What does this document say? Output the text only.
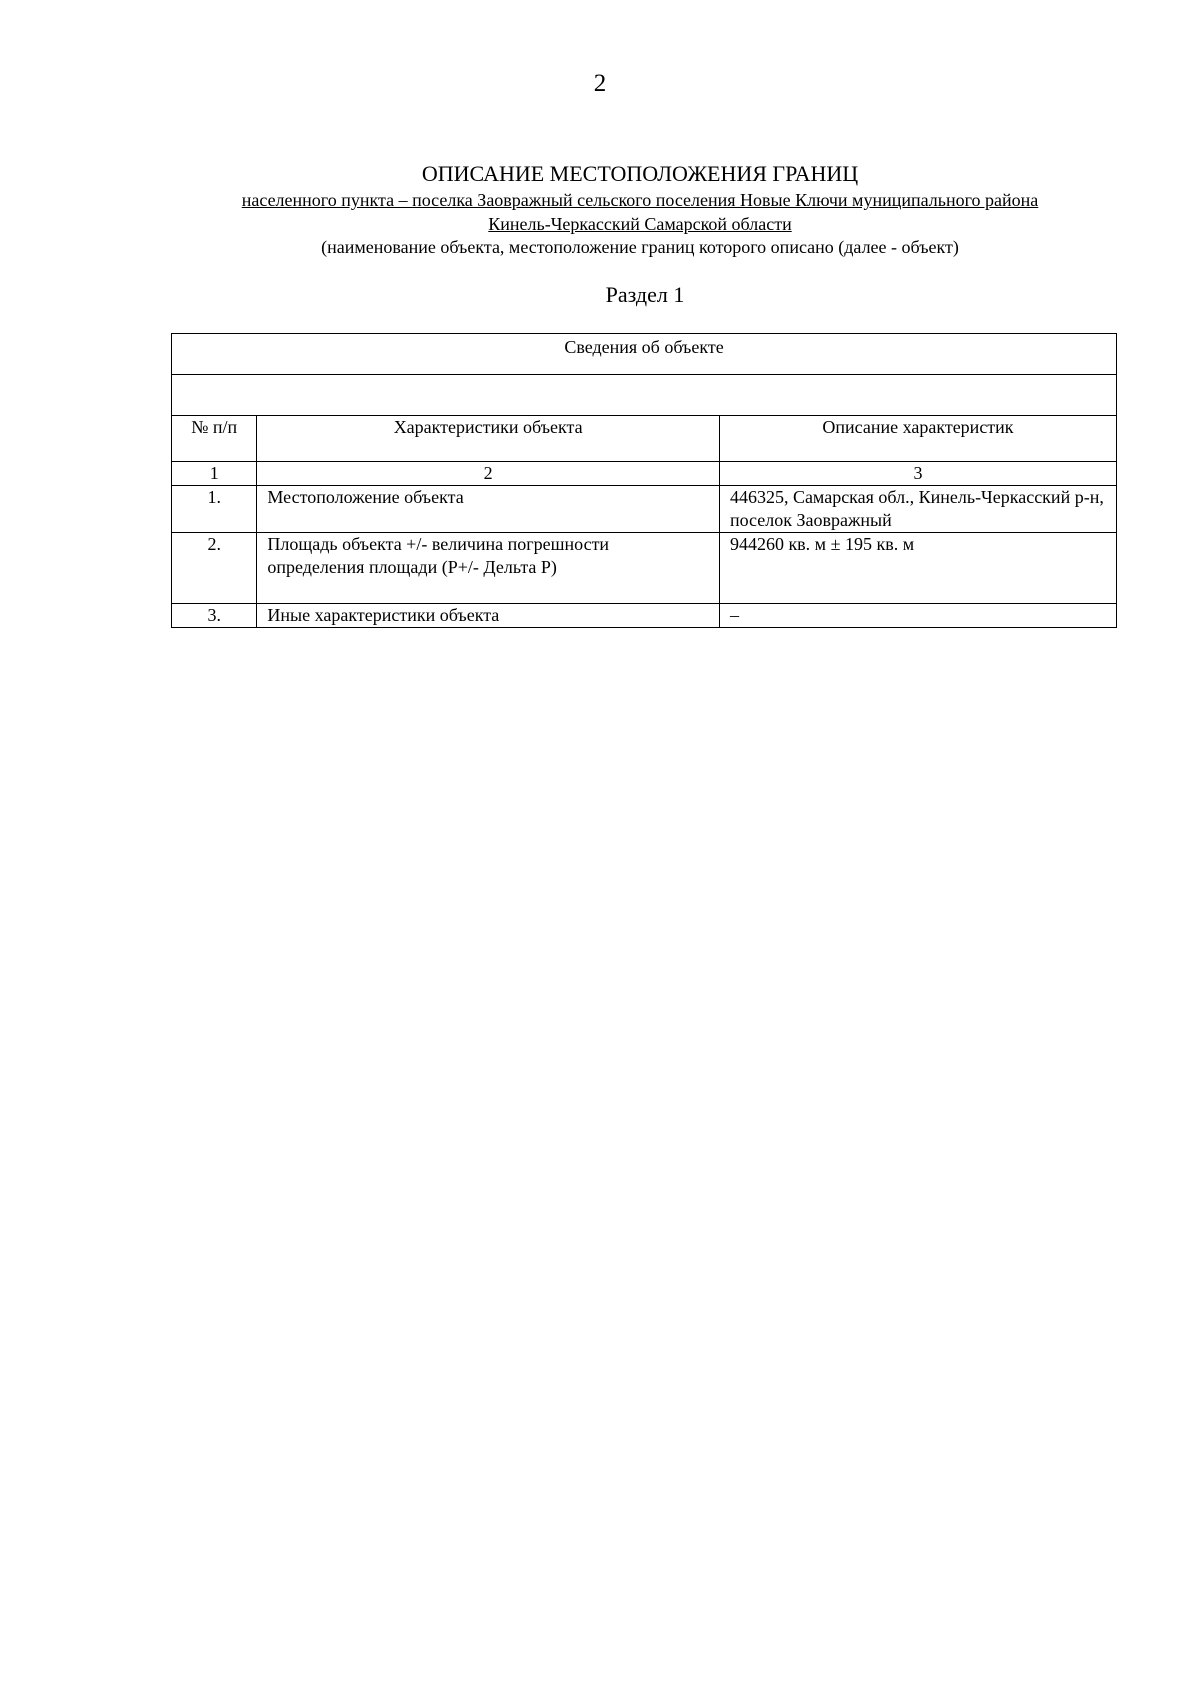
2

ОПИСАНИЕ МЕСТОПОЛОЖЕНИЯ ГРАНИЦ

населенного пункта – поселка Заовражный сельского поселения Новые Ключи муниципального района

Кинель-Черкасский Самарской области

(наименование объекта, местоположение границ которого описано (далее - объект)

Раздел 1
Сведения об объекте		

№ п/п	Характеристики объекта	Описание характеристик
1	2	3
1.	Местоположение объекта	446325, Самарская обл., Кинель-Черкасский р-н, поселок Заовражный
2.	Площадь объекта +/- величина погрешности определения площади (Р+/- Дельта Р)	944260 кв. м ± 195 кв. м
3.	Иные характеристики объекта	–
